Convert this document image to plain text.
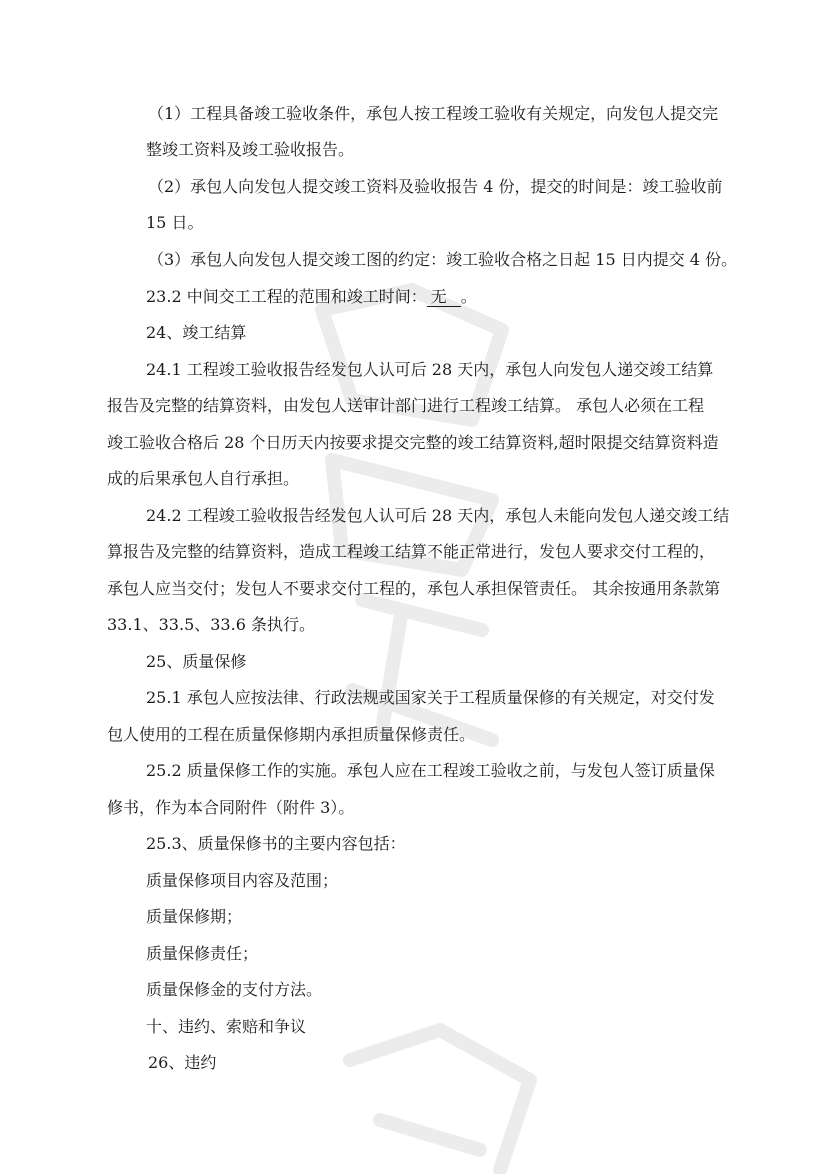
（1）工程具备竣工验收条件，承包人按工程竣工验收有关规定，向发包人提交完
整竣工资料及竣工验收报告。
（2）承包人向发包人提交竣工资料及验收报告 4 份，提交的时间是：竣工验收前
15 日。
（3）承包人向发包人提交竣工图的约定：竣工验收合格之日起 15 日内提交 4 份。
23.2 中间交工工程的范围和竣工时间： 无 。
24、竣工结算
24.1 工程竣工验收报告经发包人认可后 28 天内，承包人向发包人递交竣工结算
报告及完整的结算资料，由发包人送审计部门进行工程竣工结算。 承包人必须在工程
竣工验收合格后 28 个日历天内按要求提交完整的竣工结算资料,超时限提交结算资料造
成的后果承包人自行承担。
24.2 工程竣工验收报告经发包人认可后 28 天内，承包人未能向发包人递交竣工结
算报告及完整的结算资料，造成工程竣工结算不能正常进行，发包人要求交付工程的，
承包人应当交付；发包人不要求交付工程的，承包人承担保管责任。 其余按通用条款第
33.1、33.5、33.6 条执行。
25、质量保修
25.1 承包人应按法律、行政法规或国家关于工程质量保修的有关规定，对交付发
包人使用的工程在质量保修期内承担质量保修责任。
25.2 质量保修工作的实施。承包人应在工程竣工验收之前，与发包人签订质量保
修书，作为本合同附件（附件 3）。
25.3、质量保修书的主要内容包括：
质量保修项目内容及范围；
质量保修期；
质量保修责任；
质量保修金的支付方法。
十、违约、索赔和争议
26、违约
